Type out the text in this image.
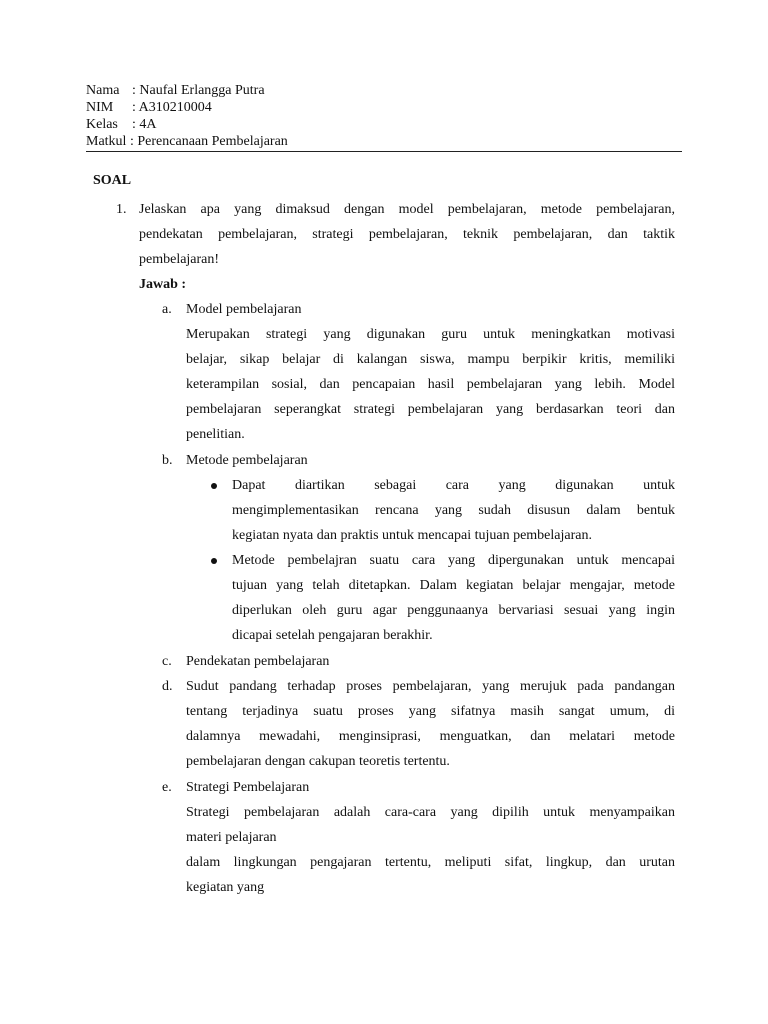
Nama : Naufal Erlangga Putra
NIM	: A310210004
Kelas	: 4A
Matkul : Perencanaan Pembelajaran
SOAL
1. Jelaskan apa yang dimaksud dengan model pembelajaran, metode pembelajaran,
pendekatan pembelajaran, strategi pembelajaran, teknik pembelajaran, dan taktik
pembelajaran!
Jawab :
a. Model pembelajaran
Merupakan strategi yang digunakan guru untuk meningkatkan motivasi
belajar, sikap belajar di kalangan siswa, mampu berpikir kritis, memiliki
keterampilan sosial, dan pencapaian hasil pembelajaran yang lebih. Model
pembelajaran seperangkat strategi pembelajaran yang berdasarkan teori dan
penelitian.
b. Metode pembelajaran
Dapat diartikan sebagai cara yang digunakan untuk
mengimplementasikan rencana yang sudah disusun dalam bentuk
kegiatan nyata dan praktis untuk mencapai tujuan pembelajaran.
Metode pembelajran suatu cara yang dipergunakan untuk mencapai
tujuan yang telah ditetapkan. Dalam kegiatan belajar mengajar, metode
diperlukan oleh guru agar penggunaanya bervariasi sesuai yang ingin
dicapai setelah pengajaran berakhir.
c. Pendekatan pembelajaran
d. Sudut pandang terhadap proses pembelajaran, yang merujuk pada pandangan
tentang terjadinya suatu proses yang sifatnya masih sangat umum, di
dalamnya mewadahi, menginsiprasi, menguatkan, dan melatari metode
pembelajaran dengan cakupan teoretis tertentu.
e. Strategi Pembelajaran
Strategi pembelajaran adalah cara-cara yang dipilih untuk menyampaikan
materi pelajaran
dalam lingkungan pengajaran tertentu, meliputi sifat, lingkup, dan urutan
kegiatan yang
